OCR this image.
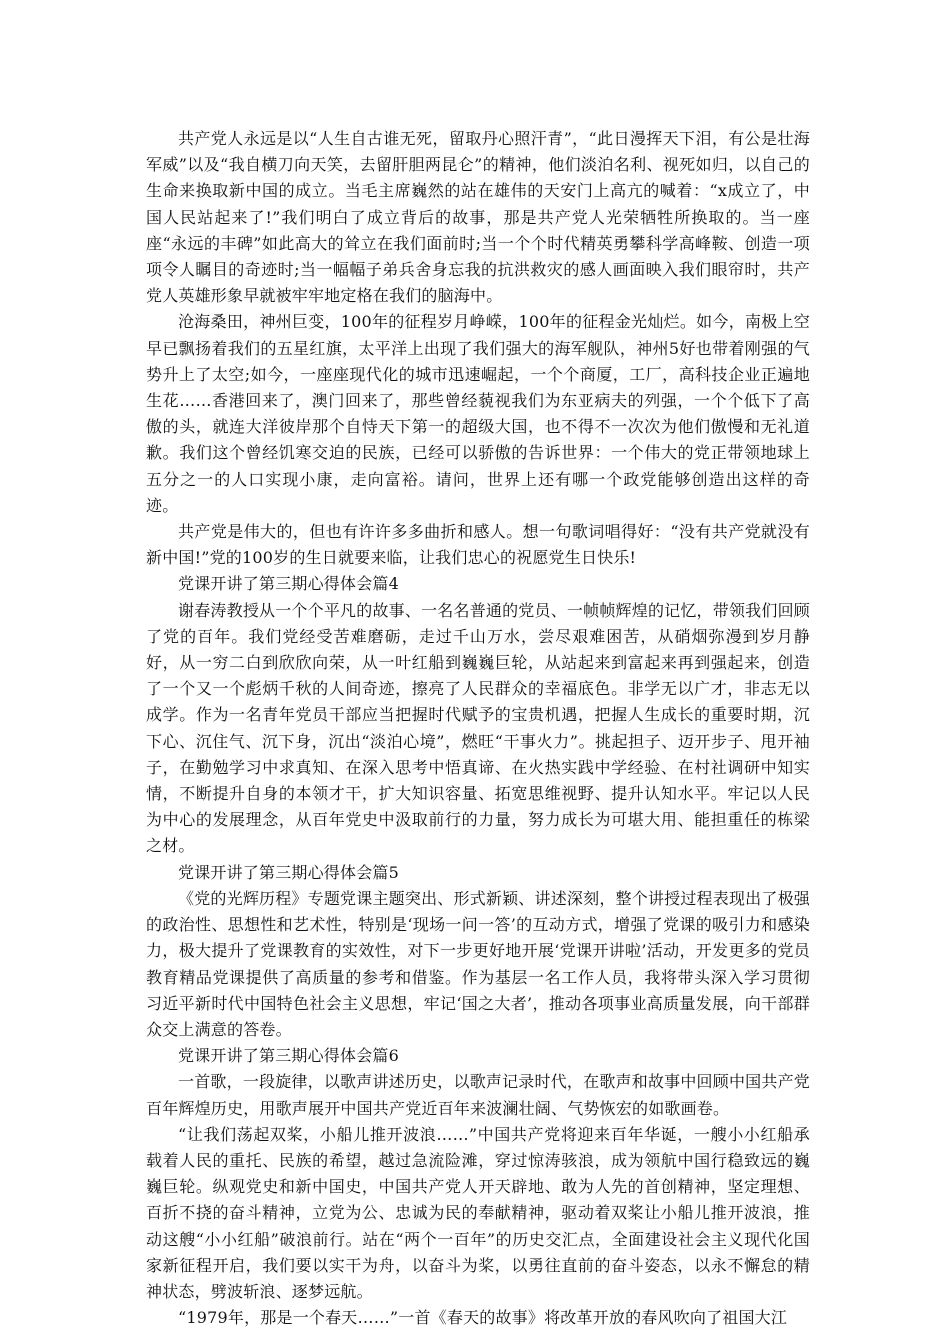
共产党人永远是以“人生自古谁无死，留取丹心照汗青”，“此日漫挥天下泪，有公是壮海军威”以及“我自横刀向天笑，去留肝胆两昆仑”的精神，他们淡泊名利、视死如归，以自己的生命来换取新中国的成立。当毛主席巍然的站在雄伟的天安门上高亢的喊着：“x成立了，中国人民站起来了!”我们明白了成立背后的故事，那是共产党人光荣牺牲所换取的。当一座座“永远的丰碑”如此高大的耸立在我们面前时;当一个个时代精英勇攀科学高峰鞍、创造一项项令人瞩目的奇迹时;当一幅幅子弟兵舍身忘我的抗洪救灾的感人画面映入我们眼帘时，共产党人英雄形象早就被牢牢地定格在我们的脑海中。

沧海桑田，神州巨变，100年的征程岁月峥嵘，100年的征程金光灿烂。如今，南极上空早已飘扬着我们的五星红旗，太平洋上出现了我们强大的海军舰队，神州5好也带着刚强的气势升上了太空;如今，一座座现代化的城市迅速崛起，一个个商厦，工厂，高科技企业正遍地生花……香港回来了，澳门回来了，那些曾经藐视我们为东亚病夫的列强，一个个低下了高傲的头，就连大洋彼岸那个自恃天下第一的超级大国，也不得不一次次为他们傲慢和无礼道歉。我们这个曾经饥寒交迫的民族，已经可以骄傲的告诉世界：一个伟大的党正带领地球上五分之一的人口实现小康，走向富裕。请问，世界上还有哪一个政党能够创造出这样的奇迹。

共产党是伟大的，但也有许许多多曲折和感人。想一句歌词唱得好：“没有共产党就没有新中国!”党的100岁的生日就要来临，让我们忠心的祝愿党生日快乐!

党课开讲了第三期心得体会篇4

谢春涛教授从一个个平凡的故事、一名名普通的党员、一帧帧辉煌的记忆，带领我们回顾了党的百年。我们党经受苦难磨砺，走过千山万水，尝尽艰难困苦，从硝烟弥漫到岁月静好，从一穷二白到欣欣向荣，从一叶红船到巍巍巨轮，从站起来到富起来再到强起来，创造了一个又一个彪炳千秋的人间奇迹，擦亮了人民群众的幸福底色。非学无以广才，非志无以成学。作为一名青年党员干部应当把握时代赋予的宝贵机遇，把握人生成长的重要时期，沉下心、沉住气、沉下身，沉出“淡泊心境”，燃旺“干事火力”。挑起担子、迈开步子、甩开袖子，在勤勉学习中求真知、在深入思考中悟真谛、在火热实践中学经验、在村社调研中知实情，不断提升自身的本领才干，扩大知识容量、拓宽思维视野、提升认知水平。牢记以人民为中心的发展理念，从百年党史中汲取前行的力量，努力成长为可堪大用、能担重任的栋梁之材。

党课开讲了第三期心得体会篇5

《党的光辉历程》专题党课主题突出、形式新颖、讲述深刻，整个讲授过程表现出了极强的政治性、思想性和艺术性，特别是‘现场一问一答’的互动方式，增强了党课的吸引力和感染力，极大提升了党课教育的实效性，对下一步更好地开展‘党课开讲啦’活动，开发更多的党员教育精品党课提供了高质量的参考和借鉴。作为基层一名工作人员，我将带头深入学习贯彻习近平新时代中国特色社会主义思想，牢记‘国之大者’，推动各项事业高质量发展，向干部群众交上满意的答卷。

党课开讲了第三期心得体会篇6

一首歌，一段旋律，以歌声讲述历史，以歌声记录时代，在歌声和故事中回顾中国共产党百年辉煌历史，用歌声展开中国共产党近百年来波澜壮阔、气势恢宏的如歌画卷。

“让我们荡起双桨，小船儿推开波浪……”中国共产党将迎来百年华诞，一艘小小红船承载着人民的重托、民族的希望，越过急流险滩，穿过惊涛骇浪，成为领航中国行稳致远的巍巍巨轮。纵观党史和新中国史，中国共产党人开天辟地、敢为人先的首创精神，坚定理想、百折不挠的奋斗精神，立党为公、忠诚为民的奉献精神，驱动着双桨让小船儿推开波浪，推动这艘“小小红船”破浪前行。站在“两个一百年”的历史交汇点，全面建设社会主义现代化国家新征程开启，我们要以实干为舟，以奋斗为桨，以勇往直前的奋斗姿态，以永不懈怠的精神状态，劈波斩浪、逐梦远航。

“1979年，那是一个春天……”一首《春天的故事》将改革开放的春风吹向了祖国大江
